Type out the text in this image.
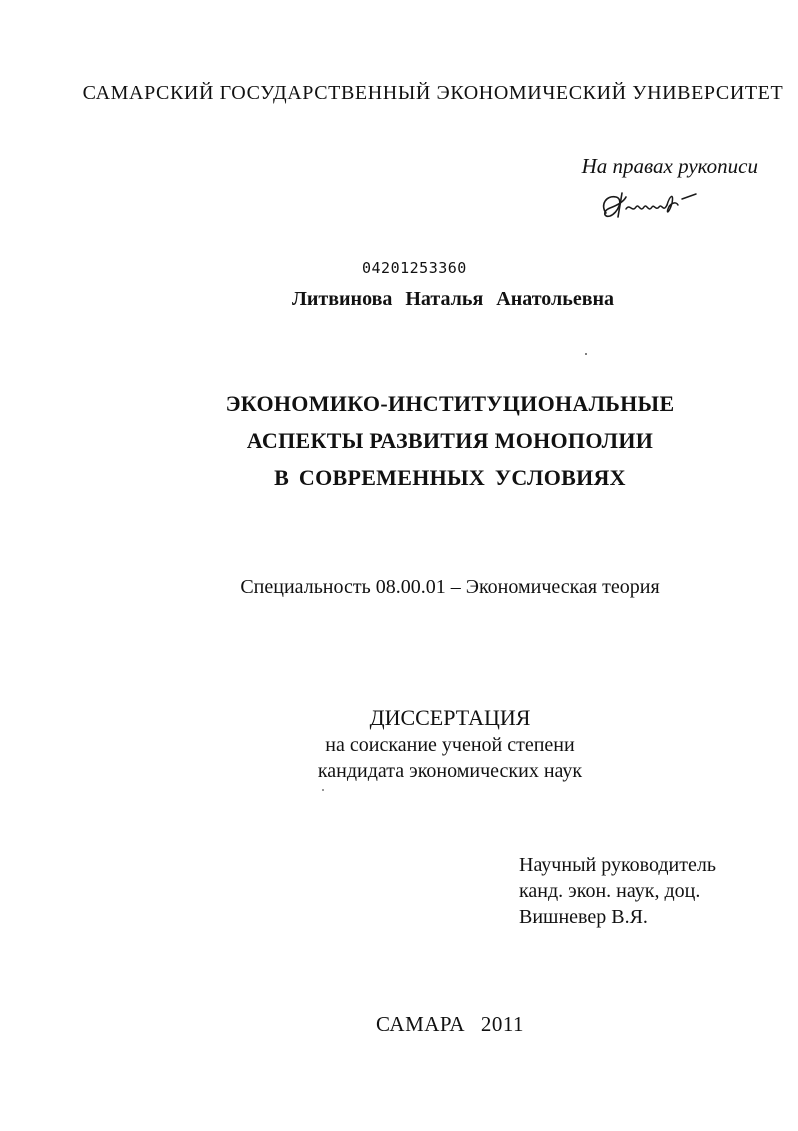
САМАРСКИЙ ГОСУДАРСТВЕННЫЙ ЭКОНОМИЧЕСКИЙ УНИВЕРСИТЕТ
На правах рукописи
04201253360
Литвинова Наталья Анатольевна
ЭКОНОМИКО-ИНСТИТУЦИОНАЛЬНЫЕ
АСПЕКТЫ РАЗВИТИЯ МОНОПОЛИИ
В СОВРЕМЕННЫХ УСЛОВИЯХ
Специальность 08.00.01 – Экономическая теория
ДИССЕРТАЦИЯ
на соискание ученой степени
кандидата экономических наук
Научный руководитель
канд. экон. наук, доц.
Вишневер В.Я.
САМАРА 2011
